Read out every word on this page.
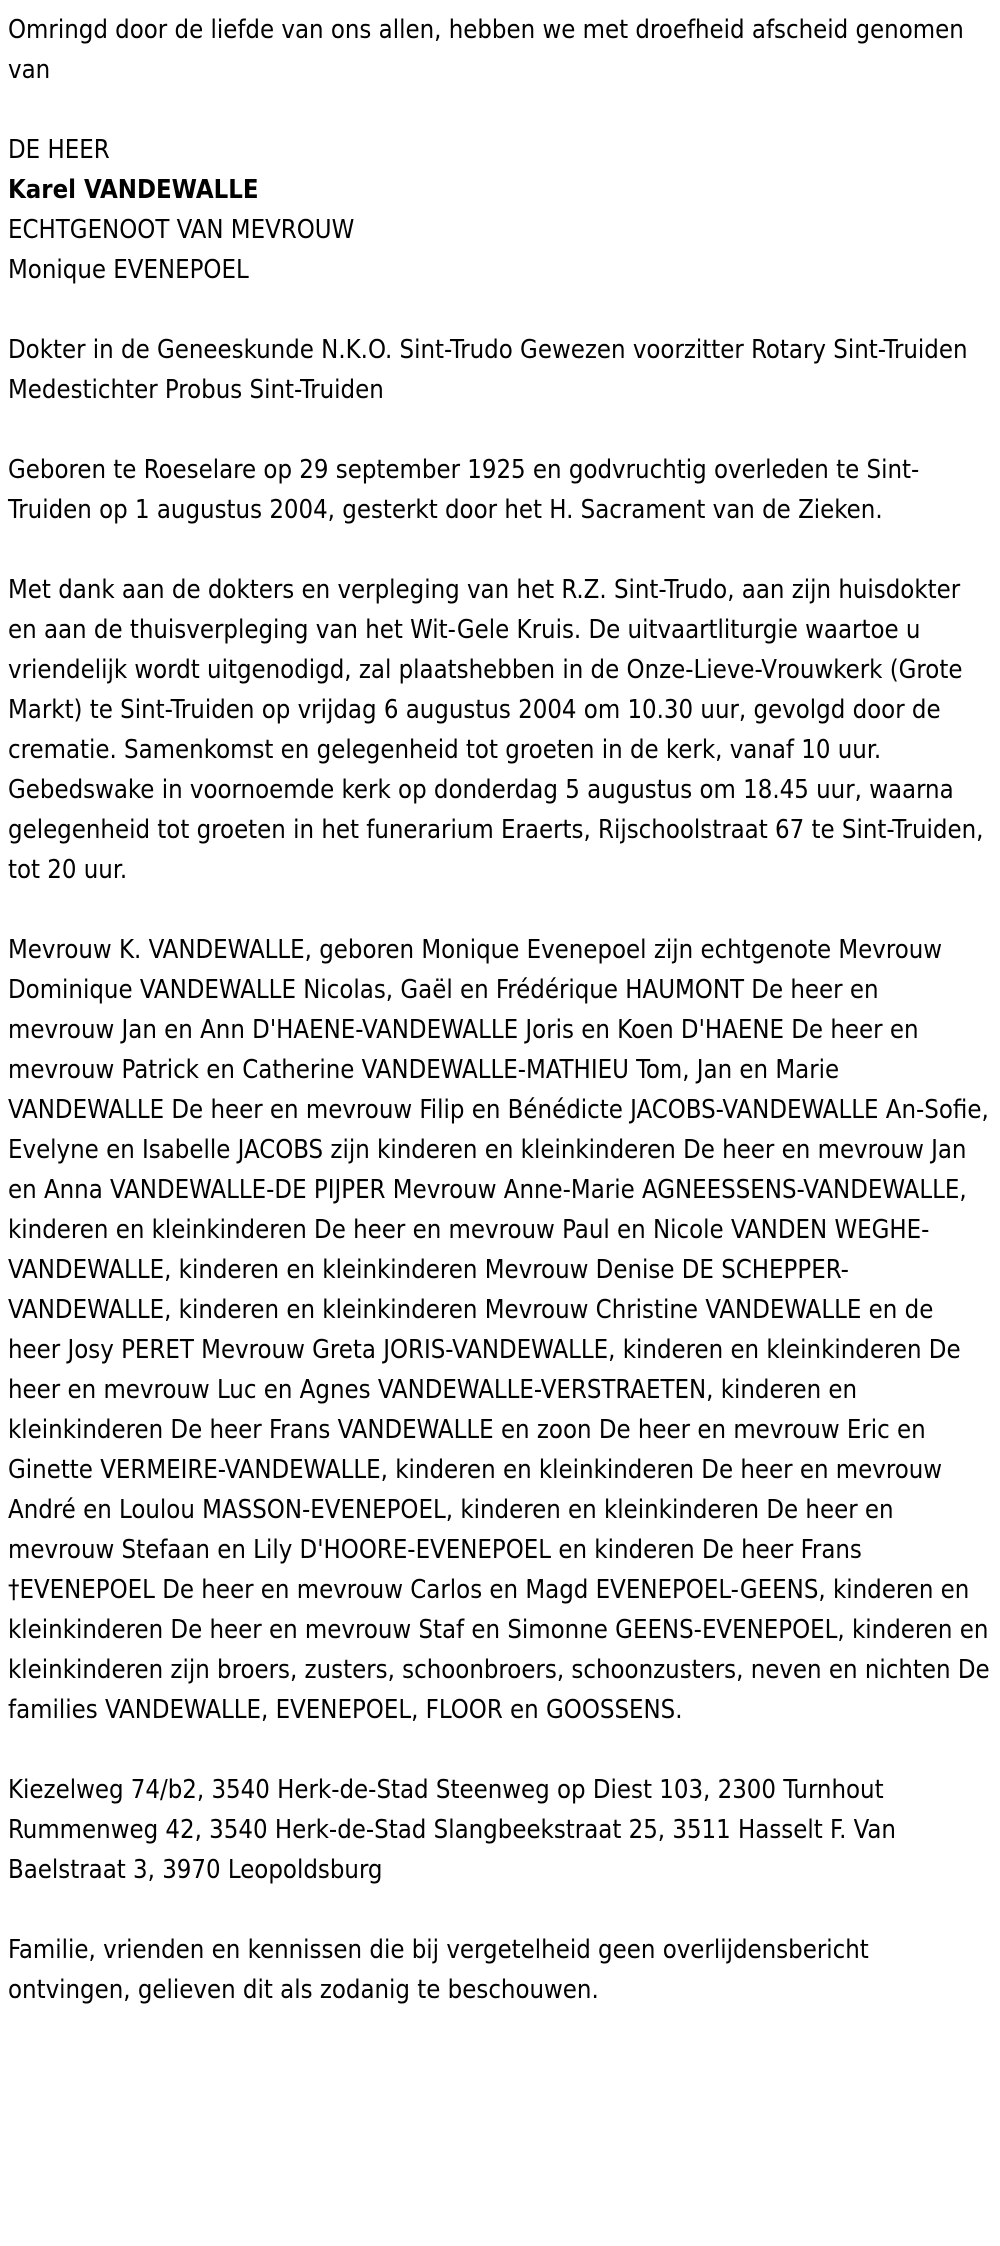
Omringd door de liefde van ons allen, hebben we met droefheid afscheid genomen van

DE HEER

Karel VANDEWALLE

ECHTGENOOT VAN MEVROUW

Monique EVENEPOEL

Dokter in de Geneeskunde N.K.O. Sint-Trudo Gewezen voorzitter Rotary Sint-Truiden Medestichter Probus Sint-Truiden

Geboren te Roeselare op 29 september 1925 en godvruchtig overleden te Sint-Truiden op 1 augustus 2004, gesterkt door het H. Sacrament van de Zieken.

Met dank aan de dokters en verpleging van het R.Z. Sint-Trudo, aan zijn huisdokter en aan de thuisverpleging van het Wit-Gele Kruis. De uitvaartliturgie waartoe u vriendelijk wordt uitgenodigd, zal plaatshebben in de Onze-Lieve-Vrouwkerk (Grote Markt) te Sint-Truiden op vrijdag 6 augustus 2004 om 10.30 uur, gevolgd door de crematie. Samenkomst en gelegenheid tot groeten in de kerk, vanaf 10 uur. Gebedswake in voornoemde kerk op donderdag 5 augustus om 18.45 uur, waarna gelegenheid tot groeten in het funerarium Eraerts, Rijschoolstraat 67 te Sint-Truiden, tot 20 uur.

Mevrouw K. VANDEWALLE, geboren Monique Evenepoel zijn echtgenote Mevrouw Dominique VANDEWALLE Nicolas, Gaël en Frédérique HAUMONT De heer en mevrouw Jan en Ann D'HAENE-VANDEWALLE Joris en Koen D'HAENE De heer en mevrouw Patrick en Catherine VANDEWALLE-MATHIEU Tom, Jan en Marie VANDEWALLE De heer en mevrouw Filip en Bénédicte JACOBS-VANDEWALLE An-Sofie, Evelyne en Isabelle JACOBS zijn kinderen en kleinkinderen De heer en mevrouw Jan en Anna VANDEWALLE-DE PIJPER Mevrouw Anne-Marie AGNEESSENS-VANDEWALLE, kinderen en kleinkinderen De heer en mevrouw Paul en Nicole VANDEN WEGHE-VANDEWALLE, kinderen en kleinkinderen Mevrouw Denise DE SCHEPPER-VANDEWALLE, kinderen en kleinkinderen Mevrouw Christine VANDEWALLE en de heer Josy PERET Mevrouw Greta JORIS-VANDEWALLE, kinderen en kleinkinderen De heer en mevrouw Luc en Agnes VANDEWALLE-VERSTRAETEN, kinderen en kleinkinderen De heer Frans VANDEWALLE en zoon De heer en mevrouw Eric en Ginette VERMEIRE-VANDEWALLE, kinderen en kleinkinderen De heer en mevrouw André en Loulou MASSON-EVENEPOEL, kinderen en kleinkinderen De heer en mevrouw Stefaan en Lily D'HOORE-EVENEPOEL en kinderen De heer Frans †EVENEPOEL De heer en mevrouw Carlos en Magd EVENEPOEL-GEENS, kinderen en kleinkinderen De heer en mevrouw Staf en Simonne GEENS-EVENEPOEL, kinderen en kleinkinderen zijn broers, zusters, schoonbroers, schoonzusters, neven en nichten De families VANDEWALLE, EVENEPOEL, FLOOR en GOOSSENS.

Kiezelweg 74/b2, 3540 Herk-de-Stad Steenweg op Diest 103, 2300 Turnhout Rummenweg 42, 3540 Herk-de-Stad Slangbeekstraat 25, 3511 Hasselt F. Van Baelstraat 3, 3970 Leopoldsburg

Familie, vrienden en kennissen die bij vergetelheid geen overlijdensbericht ontvingen, gelieven dit als zodanig te beschouwen.
